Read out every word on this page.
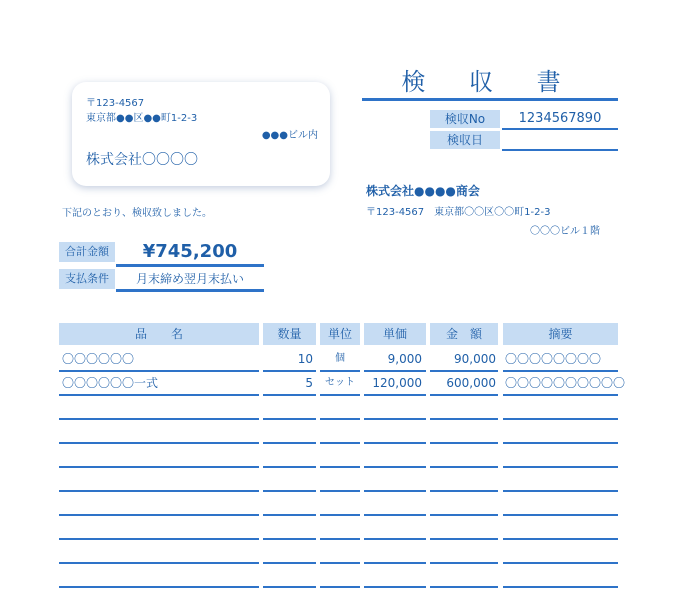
検 収 書
検収No	1234567890
検収日
〒123-4567
東京都●●区●●町1-2-3
●●●ビル内
株式会社〇〇〇〇
株式会社●●●●商会
〒123-4567　東京都〇〇区〇〇町1-2-3
〇〇〇ビル１階
下記のとおり、検収致しました。
合計金額	¥745,200
支払条件	月末締め翌月末払い
品　　名	数量	単位	単価	金　額	摘要
〇〇〇〇〇〇	10	個	9,000	90,000 〇〇〇〇〇〇〇〇
〇〇〇〇〇〇一式	5	セット	120,000	600,000 〇〇〇〇〇〇〇〇〇〇
